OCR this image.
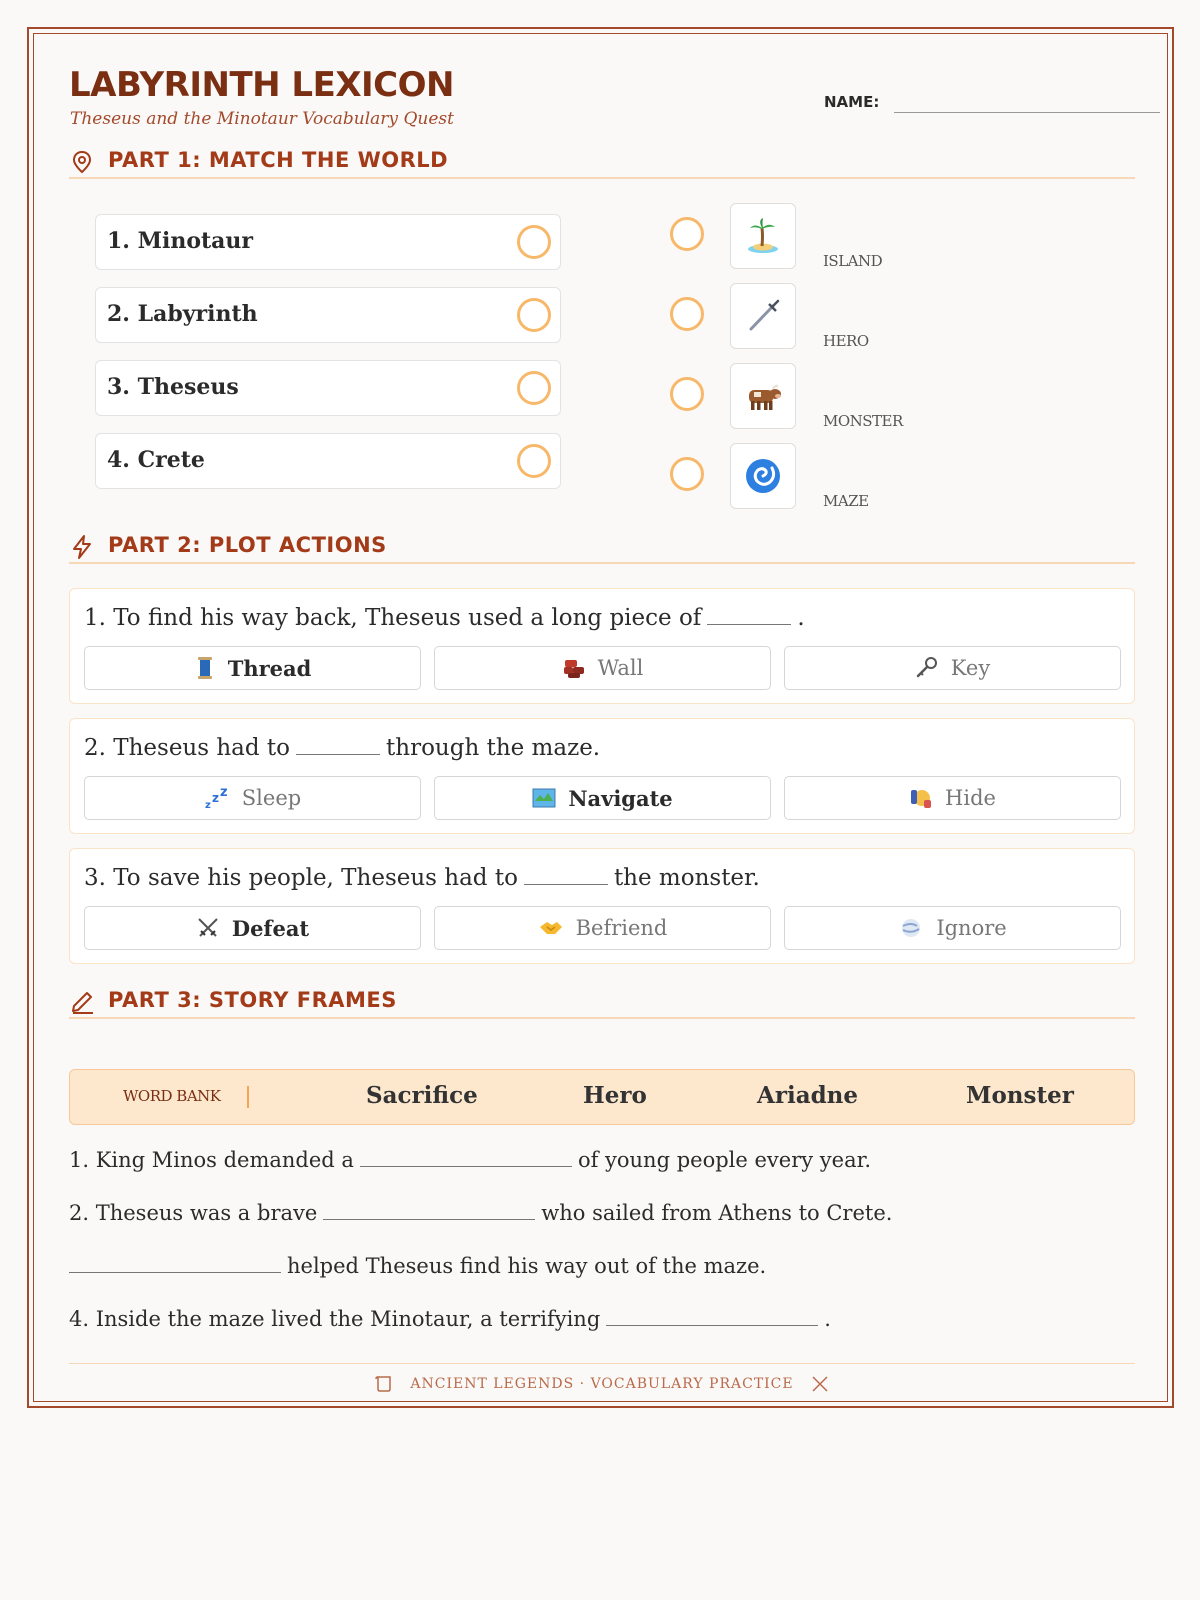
LABYRINTH LEXICON
Theseus and the Minotaur Vocabulary Quest
NAME:
PART 1: MATCH THE WORLD
1. Minotaur
2. Labyrinth
3. Theseus
4. Crete
ISLAND
HERO
MONSTER
MAZE
PART 2: PLOT ACTIONS
1. To find his way back, Theseus used a long piece of	.
Thread	Wall	Key
2. Theseus had to	through the maze.
z
z z Sleep	Navigate	Hide
3. To save his people, Theseus had to	the monster.
Defeat	Befriend	Ignore
PART 3: STORY FRAMES
WORD BANK	Sacrifice	Hero	Ariadne	Monster
1. King Minos demanded a	of young people every year.
2. Theseus was a brave	who sailed from Athens to Crete.
helped Theseus find his way out of the maze.
4. Inside the maze lived the Minotaur, a terrifying	.
ANCIENT LEGENDS · VOCABULARY PRACTICE
